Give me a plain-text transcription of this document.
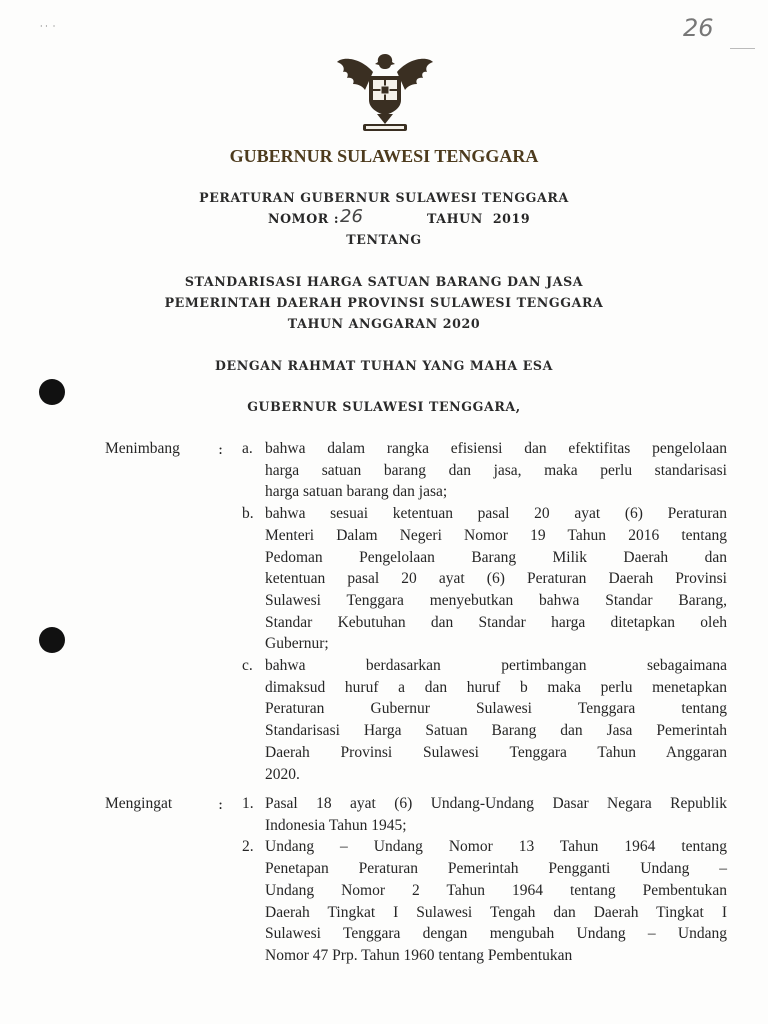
26
· ·  ·
GUBERNUR SULAWESI TENGGARA
PERATURAN GUBERNUR SULAWESI TENGGARA
NOMOR : 26	TAHUN  2019
TENTANG
STANDARISASI HARGA SATUAN BARANG DAN JASA
PEMERINTAH DAERAH PROVINSI SULAWESI TENGGARA
TAHUN ANGGARAN 2020
DENGAN RAHMAT TUHAN YANG MAHA ESA
GUBERNUR SULAWESI TENGGARA,
Menimbang	: a. bahwa dalam rangka efisiensi dan efektifitas pengelolaan
harga satuan barang dan jasa, maka perlu standarisasi
harga satuan barang dan jasa;
b. bahwa sesuai ketentuan pasal 20 ayat (6) Peraturan
Menteri Dalam Negeri Nomor 19 Tahun 2016 tentang
Pedoman Pengelolaan Barang Milik Daerah dan
ketentuan pasal 20 ayat (6) Peraturan Daerah Provinsi
Sulawesi Tenggara menyebutkan bahwa Standar Barang,
Standar Kebutuhan dan Standar harga ditetapkan oleh
Gubernur;
c. bahwa berdasarkan pertimbangan sebagaimana
dimaksud huruf a dan huruf b maka perlu menetapkan
Peraturan Gubernur Sulawesi Tenggara tentang
Standarisasi Harga Satuan Barang dan Jasa Pemerintah
Daerah Provinsi Sulawesi Tenggara Tahun Anggaran
2020.
Mengingat	: 1. Pasal 18 ayat (6) Undang-Undang Dasar Negara Republik
Indonesia Tahun 1945;
2. Undang – Undang Nomor 13 Tahun 1964 tentang
Penetapan Peraturan Pemerintah Pengganti Undang –
Undang Nomor 2 Tahun 1964 tentang Pembentukan
Daerah Tingkat I Sulawesi Tengah dan Daerah Tingkat I
Sulawesi Tenggara dengan mengubah Undang – Undang
Nomor 47 Prp. Tahun 1960 tentang Pembentukan
